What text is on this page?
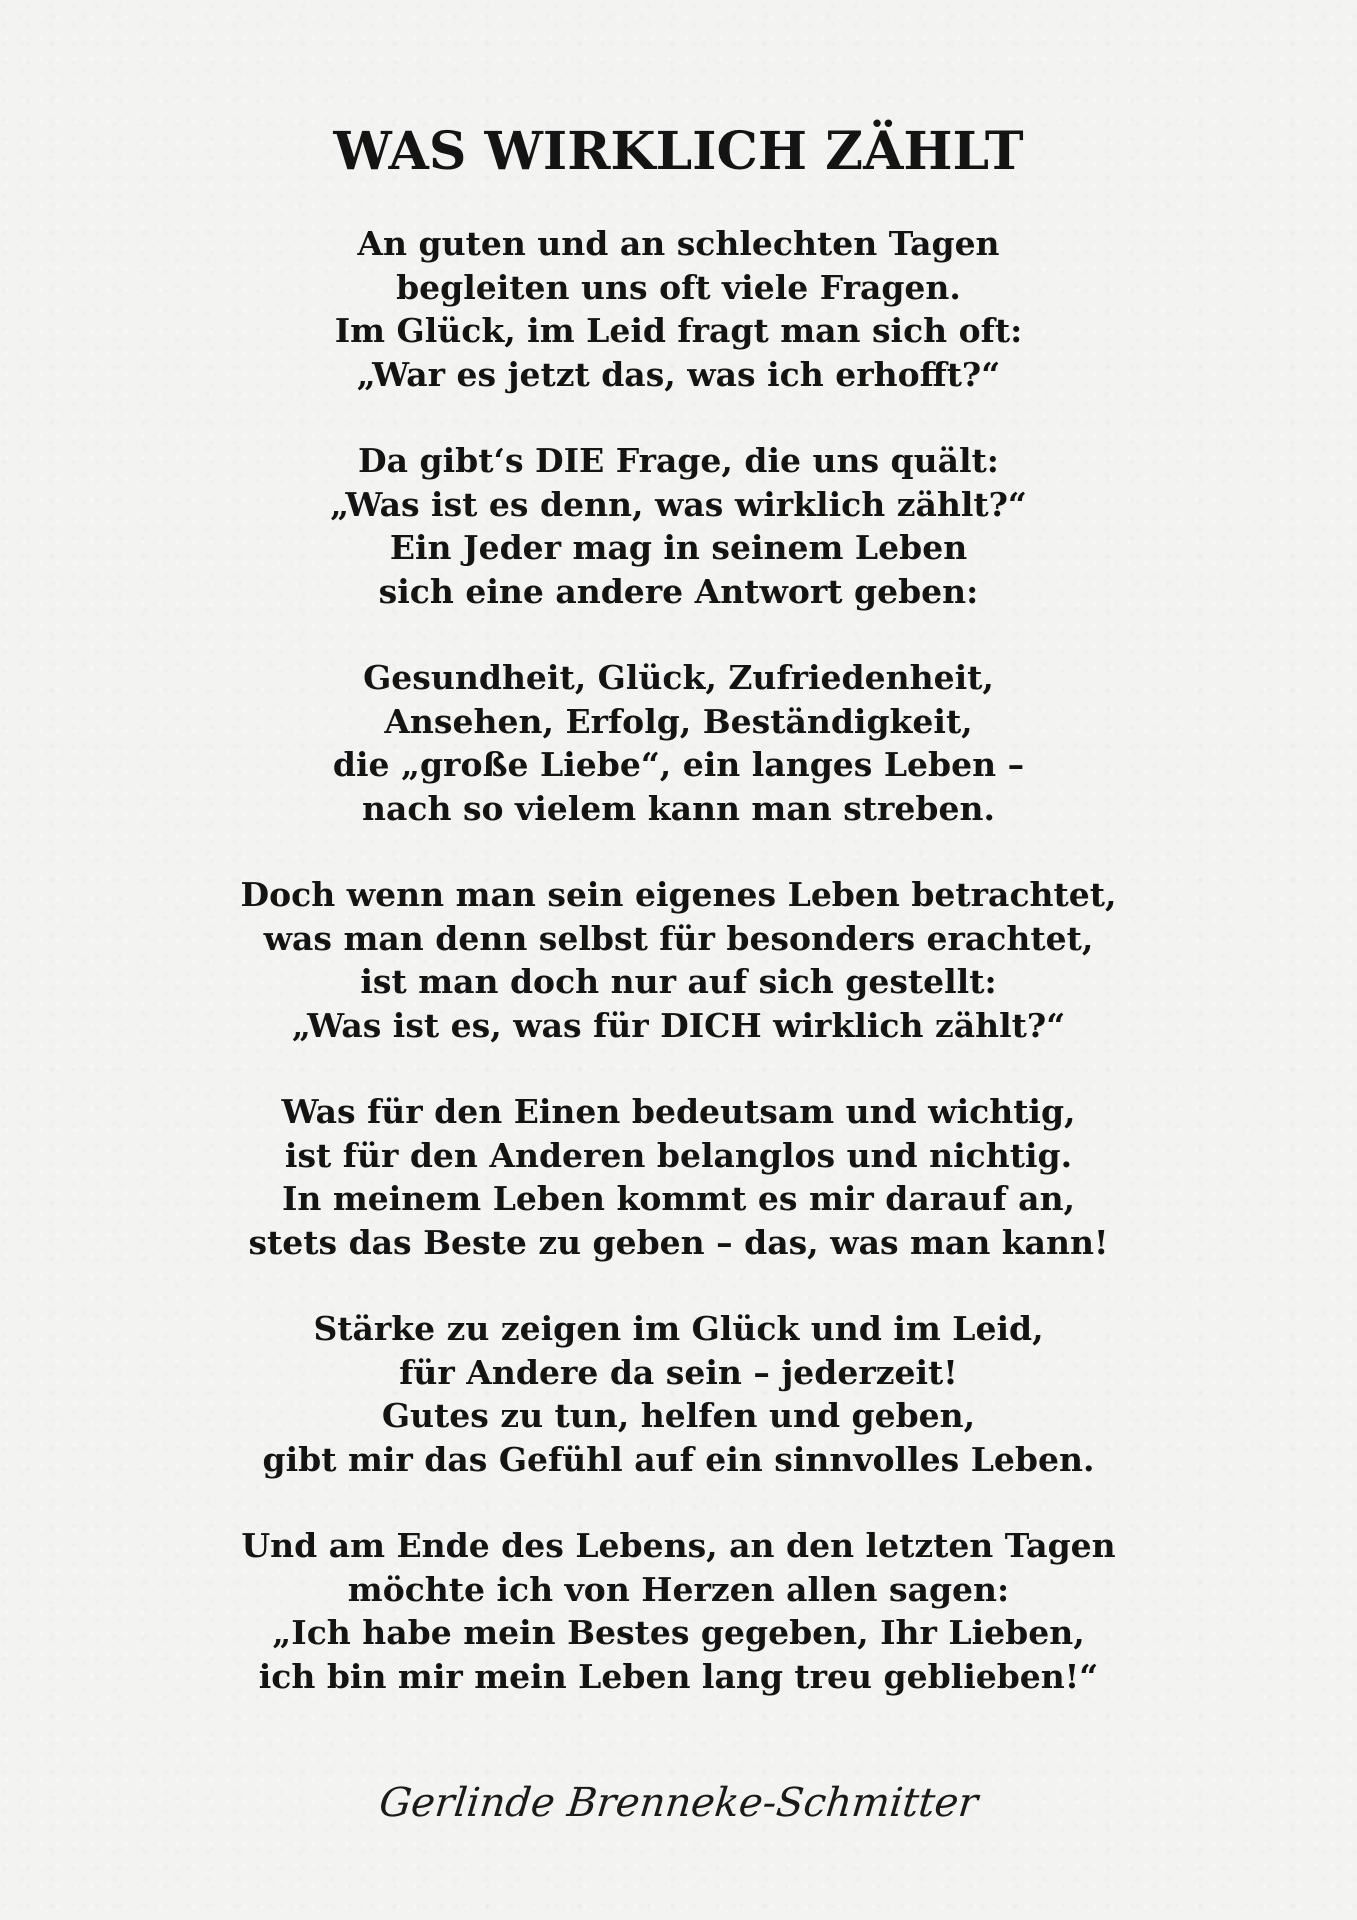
WAS WIRKLICH ZÄHLT
An guten und an schlechten Tagen
begleiten uns oft viele Fragen.
Im Glück, im Leid fragt man sich oft:
„War es jetzt das, was ich erhofft?“
Da gibt‘s DIE Frage, die uns quält:
„Was ist es denn, was wirklich zählt?“
Ein Jeder mag in seinem Leben
sich eine andere Antwort geben:
Gesundheit, Glück, Zufriedenheit,
Ansehen, Erfolg, Beständigkeit,
die „große Liebe“, ein langes Leben –
nach so vielem kann man streben.
Doch wenn man sein eigenes Leben betrachtet,
was man denn selbst für besonders erachtet,
ist man doch nur auf sich gestellt:
„Was ist es, was für DICH wirklich zählt?“
Was für den Einen bedeutsam und wichtig,
ist für den Anderen belanglos und nichtig.
In meinem Leben kommt es mir darauf an,
stets das Beste zu geben – das, was man kann!
Stärke zu zeigen im Glück und im Leid,
für Andere da sein – jederzeit!
Gutes zu tun, helfen und geben,
gibt mir das Gefühl auf ein sinnvolles Leben.
Und am Ende des Lebens, an den letzten Tagen
möchte ich von Herzen allen sagen:
„Ich habe mein Bestes gegeben, Ihr Lieben,
ich bin mir mein Leben lang treu geblieben!“
Gerlinde Brenneke-Schmitter
